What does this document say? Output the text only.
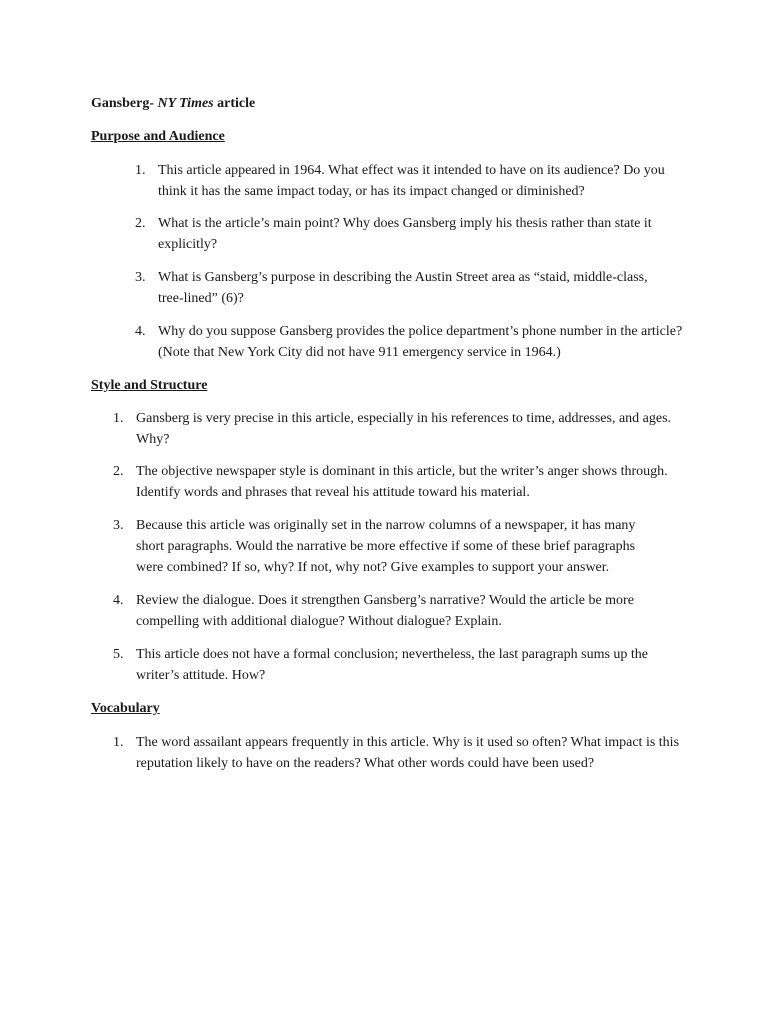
Gansberg- NY Times article
Purpose and Audience
1. This article appeared in 1964. What effect was it intended to have on its audience? Do you think it has the same impact today, or has its impact changed or diminished?
2. What is the article’s main point? Why does Gansberg imply his thesis rather than state it explicitly?
3. What is Gansberg’s purpose in describing the Austin Street area as “staid, middle-class, tree-lined” (6)?
4. Why do you suppose Gansberg provides the police department’s phone number in the article? (Note that New York City did not have 911 emergency service in 1964.)
Style and Structure
1. Gansberg is very precise in this article, especially in his references to time, addresses, and ages. Why?
2. The objective newspaper style is dominant in this article, but the writer’s anger shows through. Identify words and phrases that reveal his attitude toward his material.
3. Because this article was originally set in the narrow columns of a newspaper, it has many short paragraphs. Would the narrative be more effective if some of these brief paragraphs were combined? If so, why? If not, why not? Give examples to support your answer.
4. Review the dialogue. Does it strengthen Gansberg’s narrative? Would the article be more compelling with additional dialogue? Without dialogue? Explain.
5. This article does not have a formal conclusion; nevertheless, the last paragraph sums up the writer’s attitude. How?
Vocabulary
1. The word assailant appears frequently in this article. Why is it used so often? What impact is this reputation likely to have on the readers? What other words could have been used?
